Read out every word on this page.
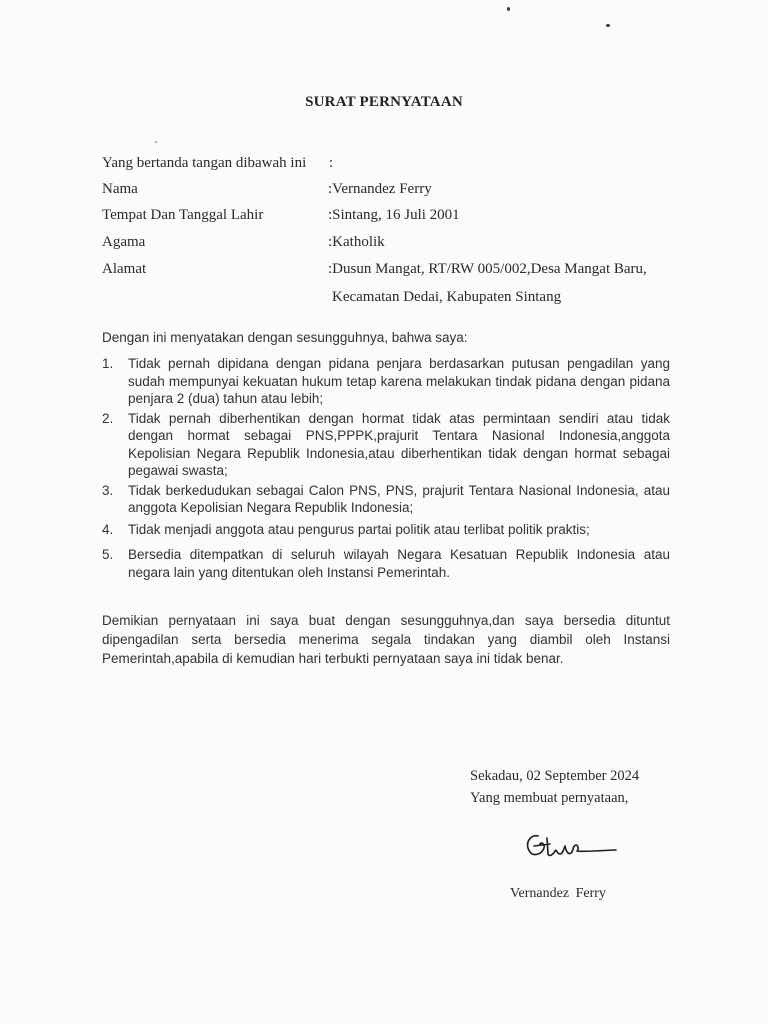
SURAT PERNYATAAN
Yang bertanda tangan dibawah ini :
Nama	:Vernandez Ferry
Tempat Dan Tanggal Lahir	:Sintang, 16 Juli 2001
Agama	:Katholik
Alamat	:Dusun Mangat, RT/RW 005/002,Desa Mangat Baru,
Kecamatan Dedai, Kabupaten Sintang
Dengan ini menyatakan dengan sesungguhnya, bahwa saya:
1. Tidak pernah dipidana dengan pidana penjara berdasarkan putusan pengadilan yang sudah mempunyai kekuatan hukum tetap karena melakukan tindak pidana dengan pidana penjara 2 (dua) tahun atau lebih;
2. Tidak pernah diberhentikan dengan hormat tidak atas permintaan sendiri atau tidak dengan hormat sebagai PNS,PPPK,prajurit Tentara Nasional Indonesia,anggota Kepolisian Negara Republik Indonesia,atau diberhentikan tidak dengan hormat sebagai pegawai swasta;
3. Tidak berkedudukan sebagai Calon PNS, PNS, prajurit Tentara Nasional Indonesia, atau anggota Kepolisian Negara Republik Indonesia;
4. Tidak menjadi anggota atau pengurus partai politik atau terlibat politik praktis;
5. Bersedia ditempatkan di seluruh wilayah Negara Kesatuan Republik Indonesia atau negara lain yang ditentukan oleh Instansi Pemerintah.
Demikian pernyataan ini saya buat dengan sesungguhnya,dan saya bersedia dituntut dipengadilan serta bersedia menerima segala tindakan yang diambil oleh Instansi Pemerintah,apabila di kemudian hari terbukti pernyataan saya ini tidak benar.
Sekadau, 02 September 2024
Yang membuat pernyataan,
Vernandez Ferry
